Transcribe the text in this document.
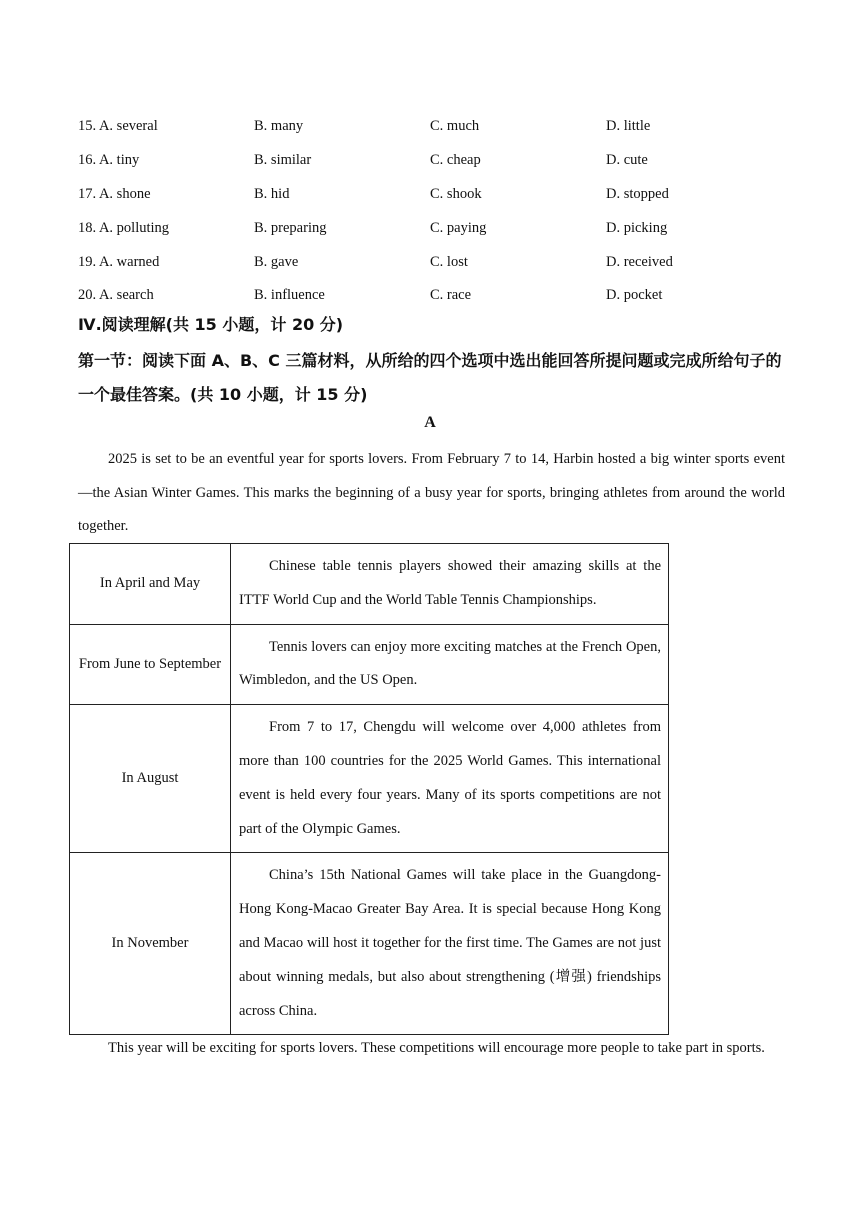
15. A. several	B. many	C. much	D. little
16. A. tiny	B. similar	C. cheap	D. cute
17. A. shone	B. hid	C. shook	D. stopped
18. A. polluting	B. preparing	C. paying	D. picking
19. A. warned	B. gave	C. lost	D. received
20. A. search	B. influence	C. race	D. pocket
Ⅳ.阅读理解(共 15 小题，计 20 分)
第一节：阅读下面 A、B、C 三篇材料，从所给的四个选项中选出能回答所提问题或完成所给句子的一个最佳答案。(共 10 小题，计 15 分)
A

2025 is set to be an eventful year for sports lovers. From February 7 to 14, Harbin hosted a big winter sports event—the Asian Winter Games. This marks the beginning of a busy year for sports, bringing athletes from around the world together.

In April and May	Chinese table tennis players showed their amazing skills at the ITTF World Cup and the World Table Tennis Championships.
From June to September	Tennis lovers can enjoy more exciting matches at the French Open, Wimbledon, and the US Open.
In August	From 7 to 17, Chengdu will welcome over 4,000 athletes from more than 100 countries for the 2025 World Games. This international event is held every four years. Many of its sports competitions are not part of the Olympic Games.
In November	China’s 15th National Games will take place in the Guangdong-Hong Kong-Macao Greater Bay Area. It is special because Hong Kong and Macao will host it together for the first time. The Games are not just about winning medals, but also about strengthening (增强) friendships across China.

This year will be exciting for sports lovers. These competitions will encourage more people to take part in sports.
